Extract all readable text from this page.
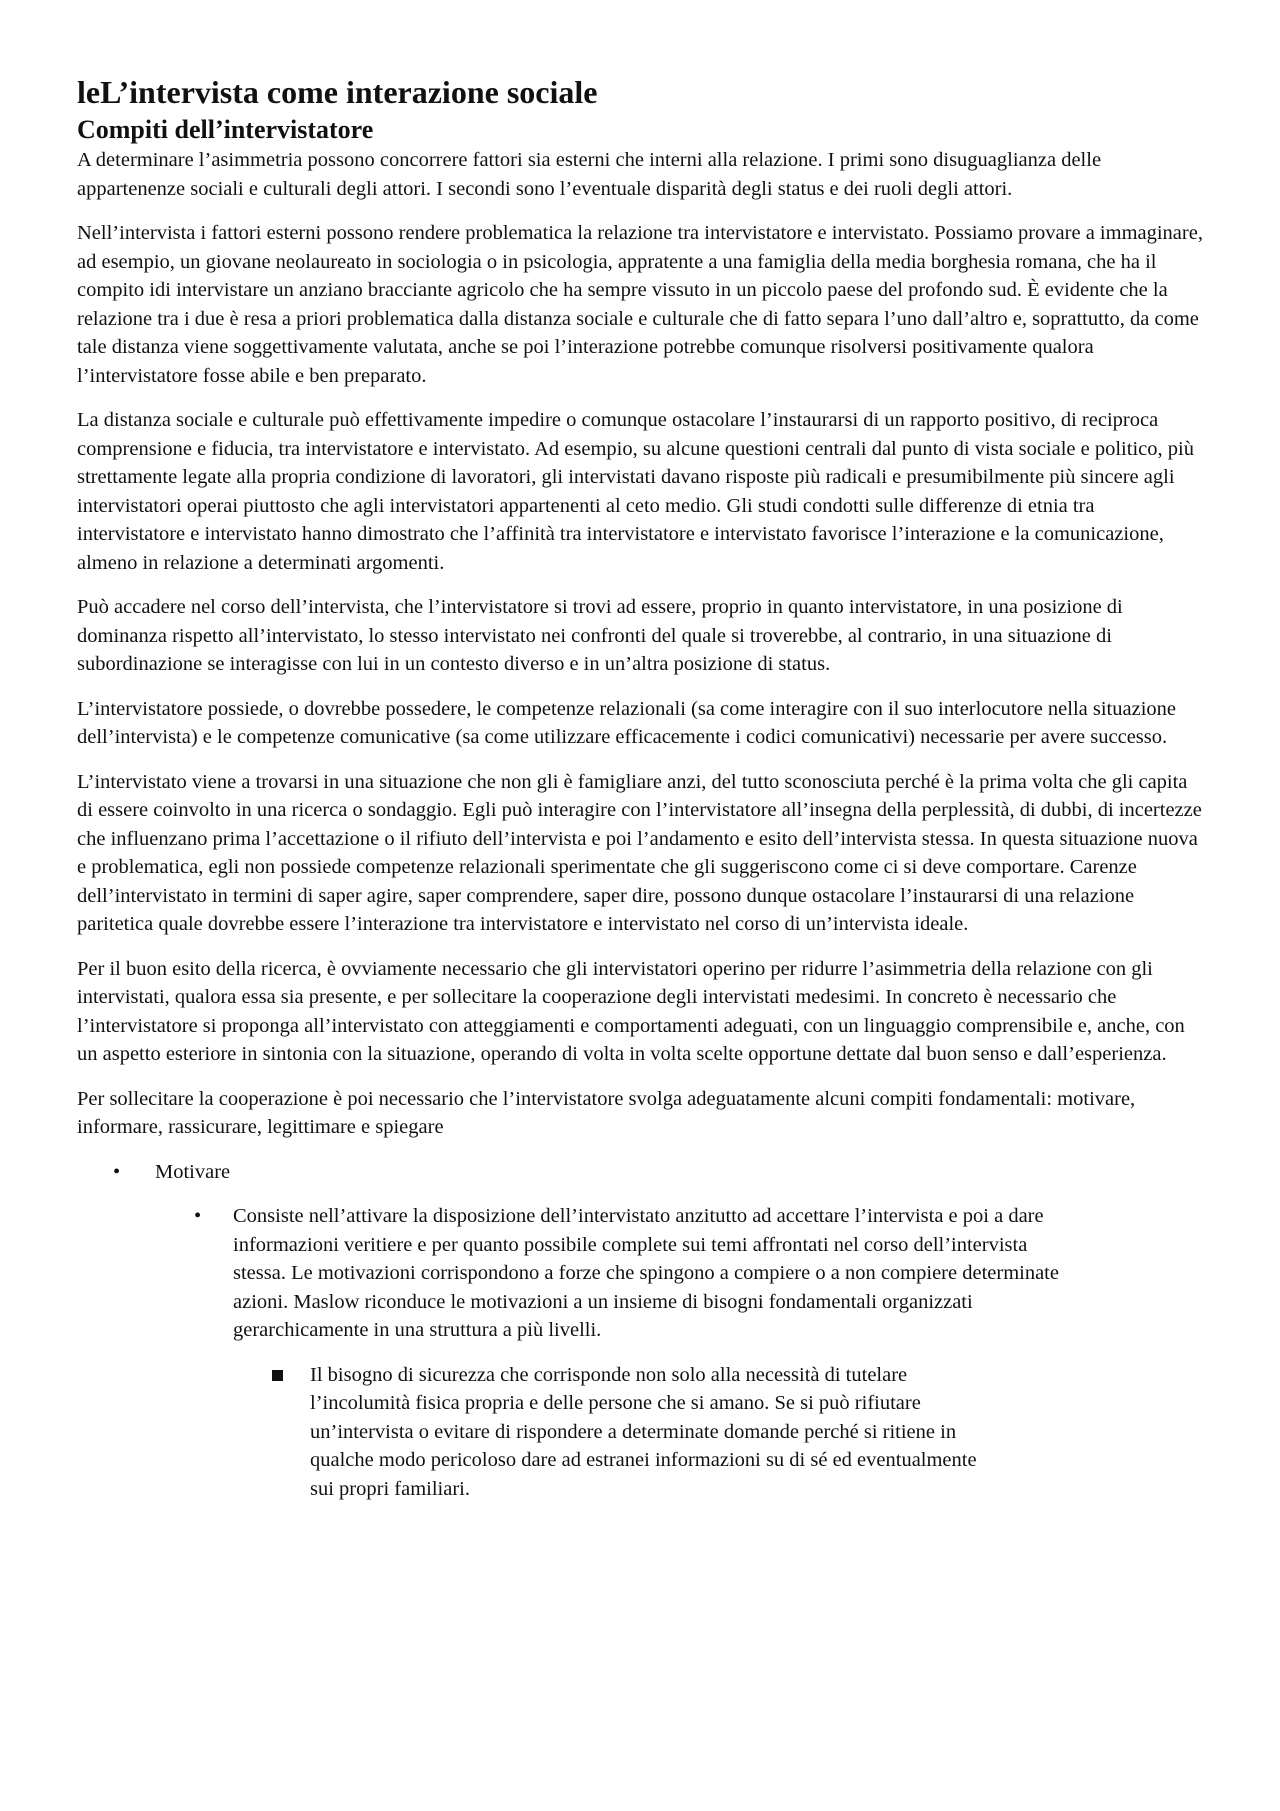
leL’intervista come interazione sociale
Compiti dell’intervistatore

A determinare l’asimmetria possono concorrere fattori sia esterni che interni alla relazione. I primi sono disuguaglianza delle appartenenze sociali e culturali degli attori. I secondi sono l’eventuale disparità degli status e dei ruoli degli attori.

Nell’intervista i fattori esterni possono rendere problematica la relazione tra intervistatore e intervistato. Possiamo provare a immaginare, ad esempio, un giovane neolaureato in sociologia o in psicologia, appratente a una famiglia della media borghesia romana, che ha il compito idi intervistare un anziano bracciante agricolo che ha sempre vissuto in un piccolo paese del profondo sud. È evidente che la relazione tra i due è resa a priori problematica dalla distanza sociale e culturale che di fatto separa l’uno dall’altro e, soprattutto, da come tale distanza viene soggettivamente valutata, anche se poi l’interazione potrebbe comunque risolversi positivamente qualora l’intervistatore fosse abile e ben preparato.

La distanza sociale e culturale può effettivamente impedire o comunque ostacolare l’instaurarsi di un rapporto positivo, di reciproca comprensione e fiducia, tra intervistatore e intervistato. Ad esempio, su alcune questioni centrali dal punto di vista sociale e politico, più strettamente legate alla propria condizione di lavoratori, gli intervistati davano risposte più radicali e presumibilmente più sincere agli intervistatori operai piuttosto che agli intervistatori appartenenti al ceto medio. Gli studi condotti sulle differenze di etnia tra intervistatore e intervistato hanno dimostrato che l’affinità tra intervistatore e intervistato favorisce l’interazione e la comunicazione, almeno in relazione a determinati argomenti.

Può accadere nel corso dell’intervista, che l’intervistatore si trovi ad essere, proprio in quanto intervistatore, in una posizione di dominanza rispetto all’intervistato, lo stesso intervistato nei confronti del quale si troverebbe, al contrario, in una situazione di subordinazione se interagisse con lui in un contesto diverso e in un’altra posizione di status.

L’intervistatore possiede, o dovrebbe possedere, le competenze relazionali (sa come interagire con il suo interlocutore nella situazione dell’intervista) e le competenze comunicative (sa come utilizzare efficacemente i codici comunicativi) necessarie per avere successo.

L’intervistato viene a trovarsi in una situazione che non gli è famigliare anzi, del tutto sconosciuta perché è la prima volta che gli capita di essere coinvolto in una ricerca o sondaggio. Egli può interagire con l’intervistatore all’insegna della perplessità, di dubbi, di incertezze che influenzano prima l’accettazione o il rifiuto dell’intervista e poi l’andamento e esito dell’intervista stessa. In questa situazione nuova e problematica, egli non possiede competenze relazionali sperimentate che gli suggeriscono come ci si deve comportare. Carenze dell’intervistato in termini di saper agire, saper comprendere, saper dire, possono dunque ostacolare l’instaurarsi di una relazione paritetica quale dovrebbe essere l’interazione tra intervistatore e intervistato nel corso di un’intervista ideale.

Per il buon esito della ricerca, è ovviamente necessario che gli intervistatori operino per ridurre l’asimmetria della relazione con gli intervistati, qualora essa sia presente, e per sollecitare la cooperazione degli intervistati medesimi. In concreto è necessario che l’intervistatore si proponga all’intervistato con atteggiamenti e comportamenti adeguati, con un linguaggio comprensibile e, anche, con un aspetto esteriore in sintonia con la situazione, operando di volta in volta scelte opportune dettate dal buon senso e dall’esperienza.

Per sollecitare la cooperazione è poi necessario che l’intervistatore svolga adeguatamente alcuni compiti fondamentali: motivare, informare, rassicurare, legittimare e spiegare

• Motivare
• Consiste nell’attivare la disposizione dell’intervistato anzitutto ad accettare l’intervista e poi a dare informazioni veritiere e per quanto possibile complete sui temi affrontati nel corso dell’intervista stessa. Le motivazioni corrispondono a forze che spingono a compiere o a non compiere determinate azioni. Maslow riconduce le motivazioni a un insieme di bisogni fondamentali organizzati gerarchicamente in una struttura a più livelli.
Il bisogno di sicurezza che corrisponde non solo alla necessità di tutelare l’incolumità fisica propria e delle persone che si amano. Se si può rifiutare un’intervista o evitare di rispondere a determinate domande perché si ritiene in qualche modo pericoloso dare ad estranei informazioni su di sé ed eventualmente sui propri familiari.
